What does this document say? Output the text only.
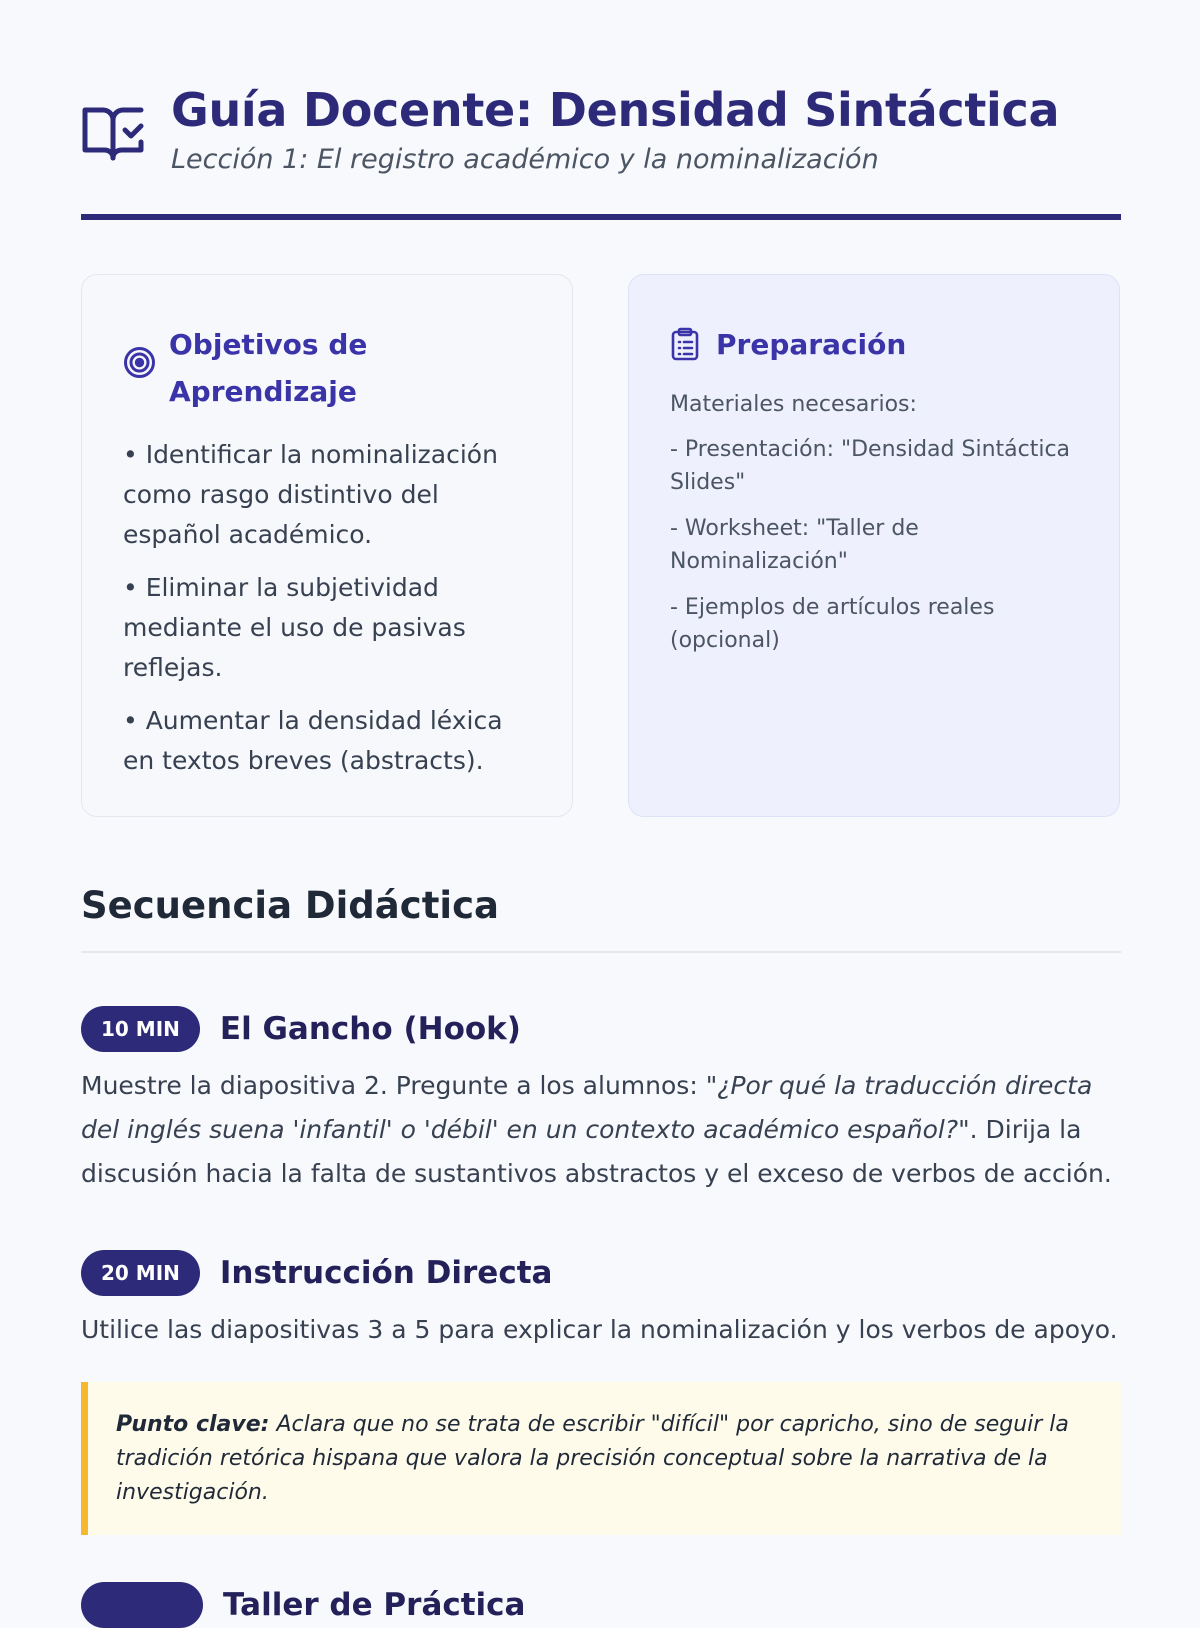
Guía Docente: Densidad Sintáctica
Lección 1: El registro académico y la nominalización
Objetivos de
Aprendizaje
• Identificar la nominalización como rasgo distintivo del español académico.
• Eliminar la subjetividad mediante el uso de pasivas reflejas.
• Aumentar la densidad léxica en textos breves (abstracts).
Preparación
Materiales necesarios:
- Presentación: "Densidad Sintáctica Slides"
- Worksheet: "Taller de Nominalización"
- Ejemplos de artículos reales (opcional)
Secuencia Didáctica
10 MIN	El Gancho (Hook)

Muestre la diapositiva 2. Pregunte a los alumnos: "¿Por qué la traducción directa del inglés suena 'infantil' o 'débil' en un contexto académico español?". Dirija la discusión hacia la falta de sustantivos abstractos y el exceso de verbos de acción.

20 MIN	Instrucción Directa

Utilice las diapositivas 3 a 5 para explicar la nominalización y los verbos de apoyo.

Punto clave: Aclara que no se trata de escribir "difícil" por capricho, sino de seguir la tradición retórica hispana que valora la precisión conceptual sobre la narrativa de la investigación.
Taller de Práctica
